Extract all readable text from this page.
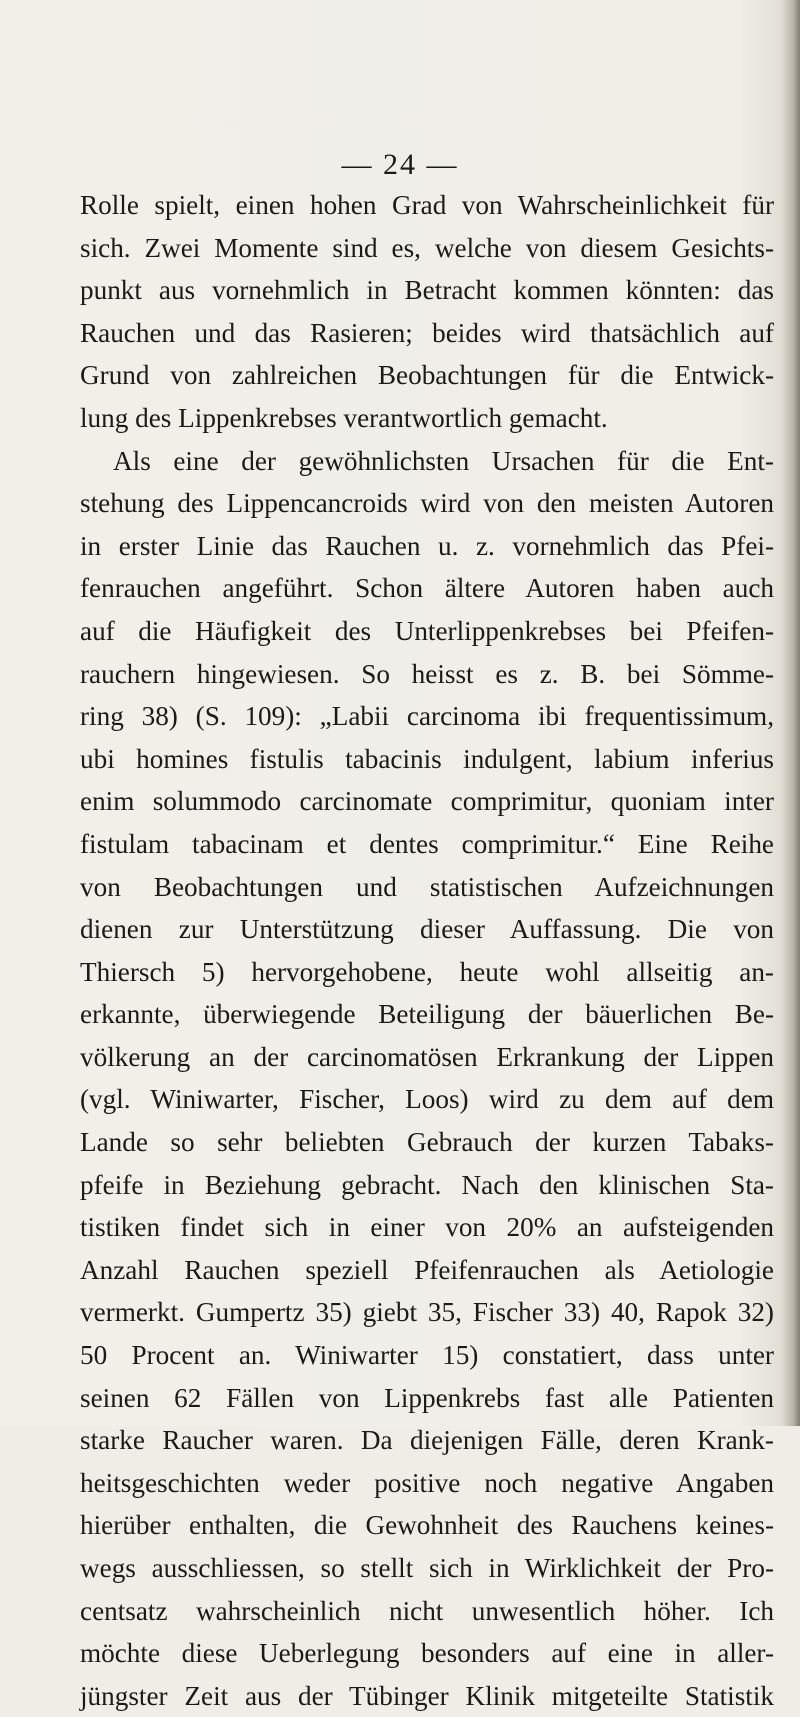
— 24 —
Rolle spielt, einen hohen Grad von Wahrscheinlichkeit für
sich. Zwei Momente sind es, welche von diesem Gesichts-
punkt aus vornehmlich in Betracht kommen könnten: das
Rauchen und das Rasieren; beides wird thatsächlich auf
Grund von zahlreichen Beobachtungen für die Entwick-
lung des Lippenkrebses verantwortlich gemacht.
Als eine der gewöhnlichsten Ursachen für die Ent-
stehung des Lippencancroids wird von den meisten Autoren
in erster Linie das Rauchen u. z. vornehmlich das Pfei-
fenrauchen angeführt. Schon ältere Autoren haben auch
auf die Häufigkeit des Unterlippenkrebses bei Pfeifen-
rauchern hingewiesen. So heisst es z. B. bei Sömme-
ring 38) (S. 109): „Labii carcinoma ibi frequentissimum,
ubi homines fistulis tabacinis indulgent, labium inferius
enim solummodo carcinomate comprimitur, quoniam inter
fistulam tabacinam et dentes comprimitur.“ Eine Reihe
von Beobachtungen und statistischen Aufzeichnungen
dienen zur Unterstützung dieser Auffassung. Die von
Thiersch 5) hervorgehobene, heute wohl allseitig an-
erkannte, überwiegende Beteiligung der bäuerlichen Be-
völkerung an der carcinomatösen Erkrankung der Lippen
(vgl. Winiwarter, Fischer, Loos) wird zu dem auf dem
Lande so sehr beliebten Gebrauch der kurzen Tabaks-
pfeife in Beziehung gebracht. Nach den klinischen Sta-
tistiken findet sich in einer von 20% an aufsteigenden
Anzahl Rauchen speziell Pfeifenrauchen als Aetiologie
vermerkt. Gumpertz 35) giebt 35, Fischer 33) 40, Rapok 32)
50 Procent an. Winiwarter 15) constatiert, dass unter
seinen 62 Fällen von Lippenkrebs fast alle Patienten
starke Raucher waren. Da diejenigen Fälle, deren Krank-
heitsgeschichten weder positive noch negative Angaben
hierüber enthalten, die Gewohnheit des Rauchens keines-
wegs ausschliessen, so stellt sich in Wirklichkeit der Pro-
centsatz wahrscheinlich nicht unwesentlich höher. Ich
möchte diese Ueberlegung besonders auf eine in aller-
jüngster Zeit aus der Tübinger Klinik mitgeteilte Statistik
